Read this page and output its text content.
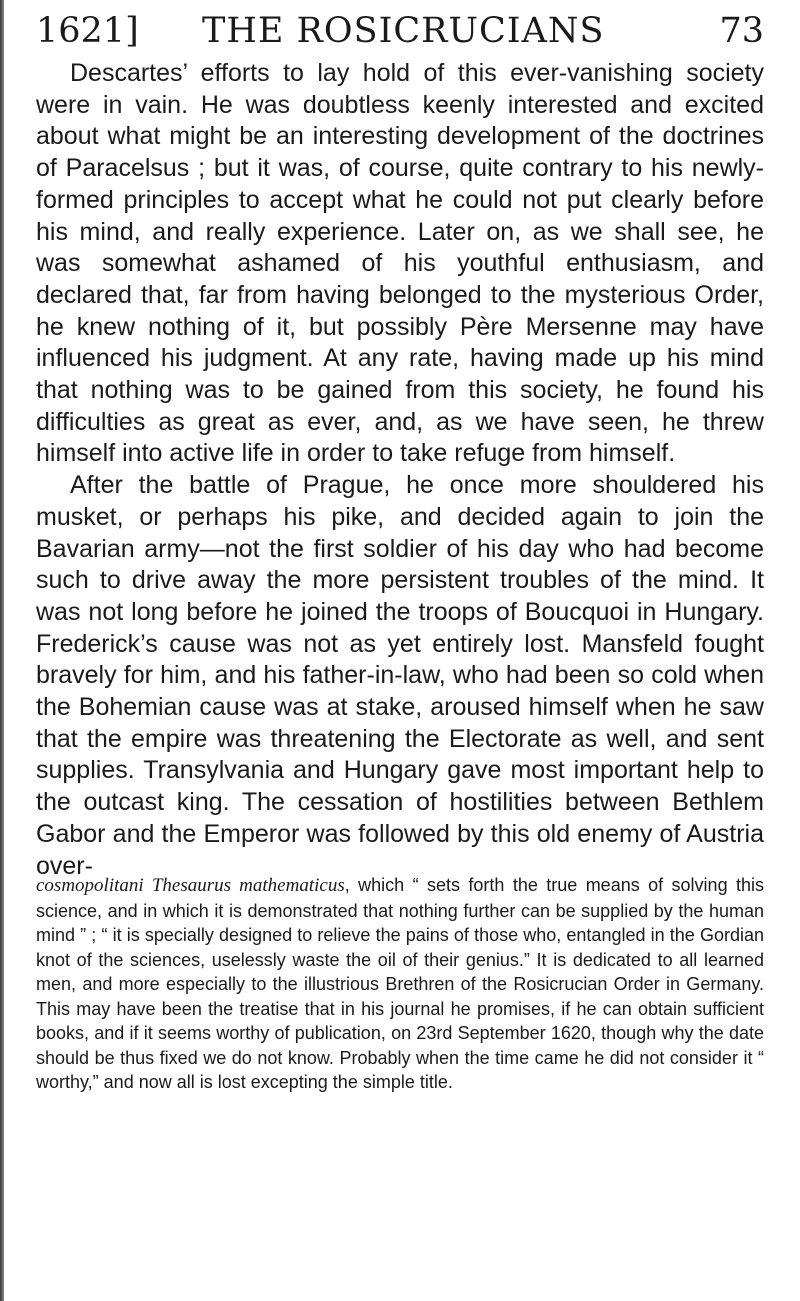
1621] THE ROSICRUCIANS	73

Descartes’ efforts to lay hold of this ever-vanishing society were in vain. He was doubtless keenly interested and excited about what might be an interesting development of the doctrines of Paracelsus ; but it was, of course, quite contrary to his newly-formed principles to accept what he could not put clearly before his mind, and really experience. Later on, as we shall see, he was somewhat ashamed of his youthful enthusiasm, and declared that, far from having belonged to the mysterious Order, he knew nothing of it, but possibly Père Mersenne may have influenced his judgment. At any rate, having made up his mind that nothing was to be gained from this society, he found his difficulties as great as ever, and, as we have seen, he threw himself into active life in order to take refuge from himself.

After the battle of Prague, he once more shouldered his musket, or perhaps his pike, and decided again to join the Bavarian army—not the first soldier of his day who had become such to drive away the more persistent troubles of the mind. It was not long before he joined the troops of Boucquoi in Hungary. Frederick’s cause was not as yet entirely lost. Mansfeld fought bravely for him, and his father-in-law, who had been so cold when the Bohemian cause was at stake, aroused himself when he saw that the empire was threatening the Electorate as well, and sent supplies. Transylvania and Hungary gave most important help to the outcast king. The cessation of hostilities between Bethlem Gabor and the Emperor was followed by this old enemy of Austria over-

cosmopolitani Thesaurus mathematicus, which “ sets forth the true means of solving this science, and in which it is demonstrated that nothing further can be supplied by the human mind ” ; “ it is specially designed to relieve the pains of those who, entangled in the Gordian knot of the sciences, uselessly waste the oil of their genius.” It is dedicated to all learned men, and more especially to the illustrious Brethren of the Rosicrucian Order in Germany. This may have been the treatise that in his journal he promises, if he can obtain sufficient books, and if it seems worthy of publication, on 23rd September 1620, though why the date should be thus fixed we do not know. Probably when the time came he did not consider it “ worthy,” and now all is lost excepting the simple title.
